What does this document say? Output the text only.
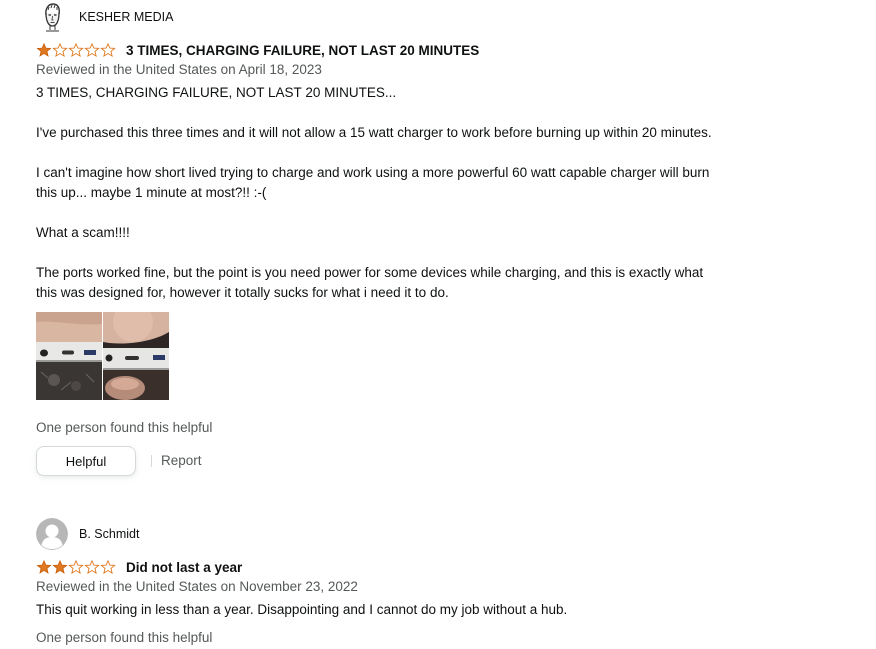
KESHER MEDIA
3 TIMES, CHARGING FAILURE, NOT LAST 20 MINUTES
Reviewed in the United States on April 18, 2023

3 TIMES, CHARGING FAILURE, NOT LAST 20 MINUTES...

I've purchased this three times and it will not allow a 15 watt charger to work before burning up within 20 minutes.

I can't imagine how short lived trying to charge and work using a more powerful 60 watt capable charger will burn this up... maybe 1 minute at most?!! :-(

What a scam!!!!

The ports worked fine, but the point is you need power for some devices while charging, and this is exactly what this was designed for, however it totally sucks for what i need it to do.

One person found this helpful
Helpful	Report
B. Schmidt
Did not last a year
Reviewed in the United States on November 23, 2022

This quit working in less than a year. Disappointing and I cannot do my job without a hub.

One person found this helpful
